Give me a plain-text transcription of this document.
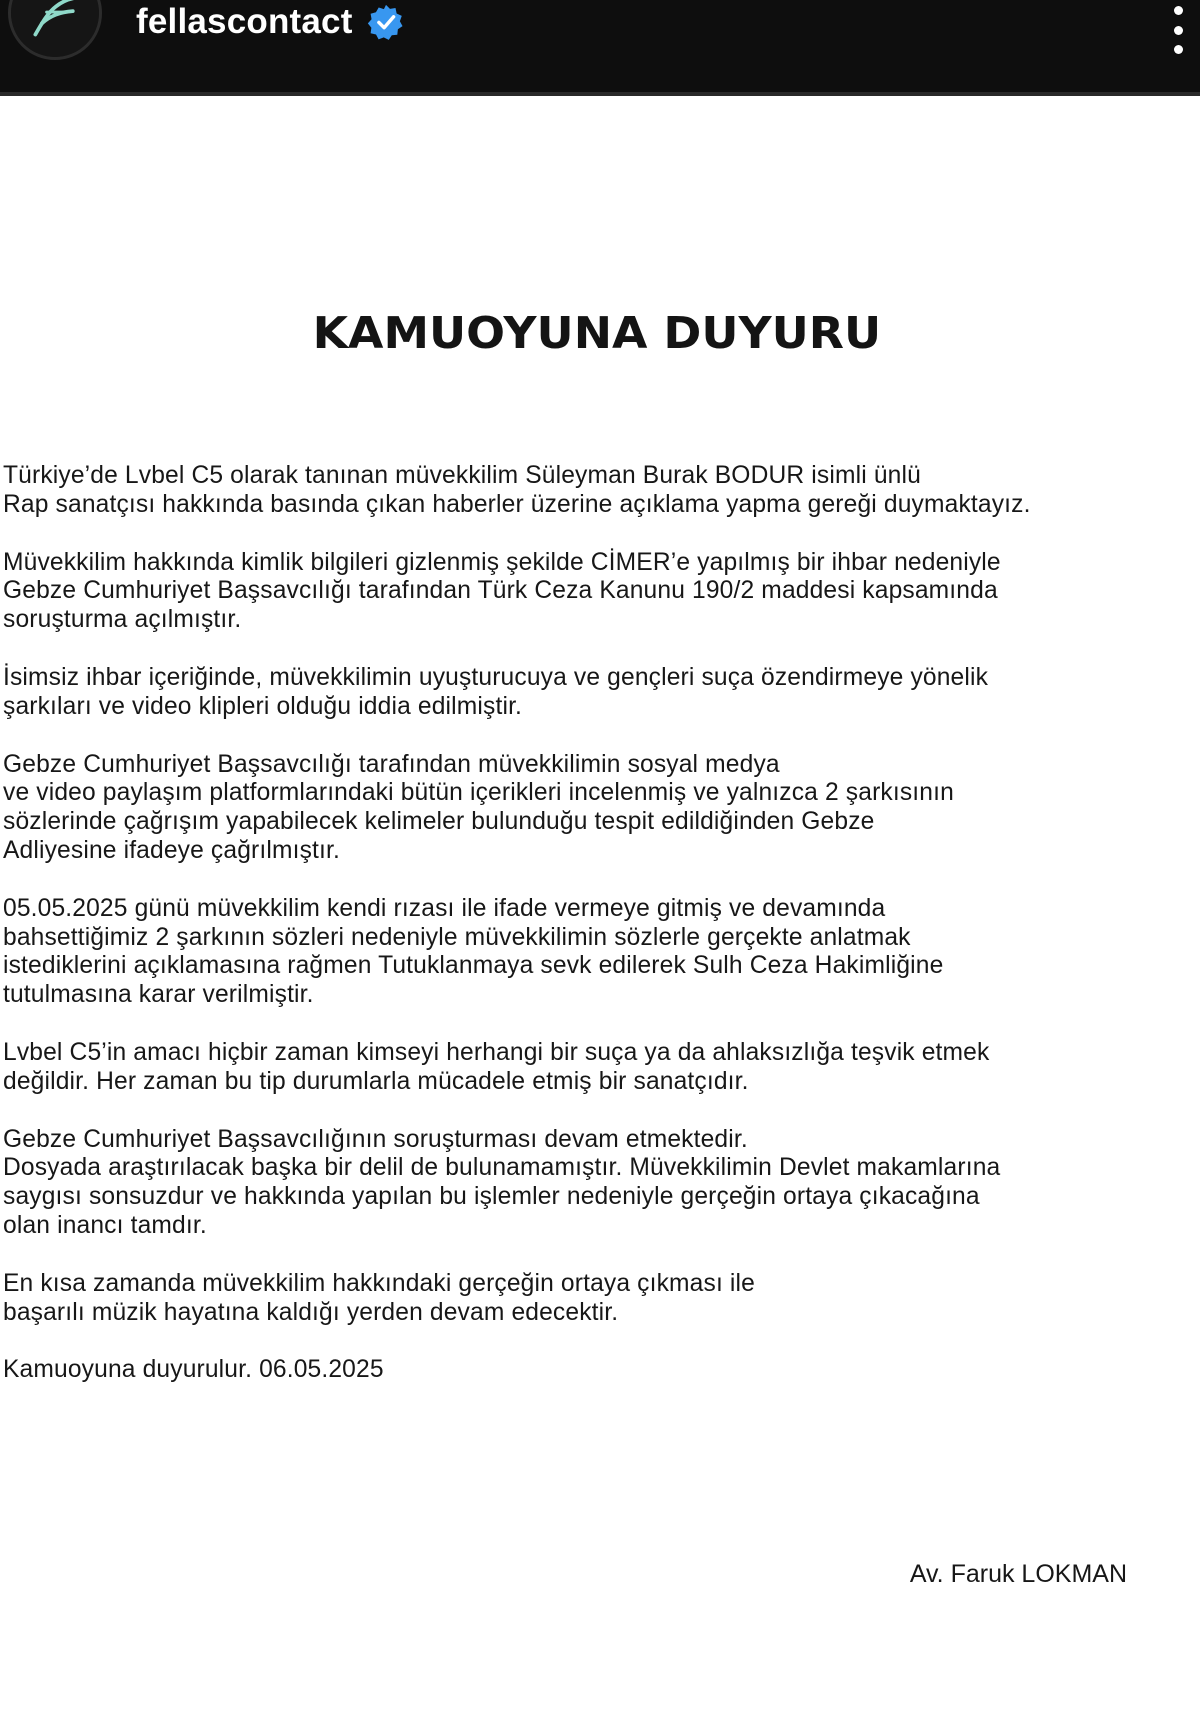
fellascontact
KAMUOYUNA DUYURU

Türkiye’de Lvbel C5 olarak tanınan müvekkilim Süleyman Burak BODUR isimli ünlü
Rap sanatçısı hakkında basında çıkan haberler üzerine açıklama yapma gereği duymaktayız.

Müvekkilim hakkında kimlik bilgileri gizlenmiş şekilde CİMER’e yapılmış bir ihbar nedeniyle
Gebze Cumhuriyet Başsavcılığı tarafından Türk Ceza Kanunu 190/2 maddesi kapsamında
soruşturma açılmıştır.

İsimsiz ihbar içeriğinde, müvekkilimin uyuşturucuya ve gençleri suça özendirmeye yönelik
şarkıları ve video klipleri olduğu iddia edilmiştir.

Gebze Cumhuriyet Başsavcılığı tarafından müvekkilimin sosyal medya
ve video paylaşım platformlarındaki bütün içerikleri incelenmiş ve yalnızca 2 şarkısının
sözlerinde çağrışım yapabilecek kelimeler bulunduğu tespit edildiğinden Gebze
Adliyesine ifadeye çağrılmıştır.

05.05.2025 günü müvekkilim kendi rızası ile ifade vermeye gitmiş ve devamında
bahsettiğimiz 2 şarkının sözleri nedeniyle müvekkilimin sözlerle gerçekte anlatmak
istediklerini açıklamasına rağmen Tutuklanmaya sevk edilerek Sulh Ceza Hakimliğine
tutulmasına karar verilmiştir.

Lvbel C5’in amacı hiçbir zaman kimseyi herhangi bir suça ya da ahlaksızlığa teşvik etmek
değildir. Her zaman bu tip durumlarla mücadele etmiş bir sanatçıdır.

Gebze Cumhuriyet Başsavcılığının soruşturması devam etmektedir.
Dosyada araştırılacak başka bir delil de bulunamamıştır. Müvekkilimin Devlet makamlarına
saygısı sonsuzdur ve hakkında yapılan bu işlemler nedeniyle gerçeğin ortaya çıkacağına
olan inancı tamdır.

En kısa zamanda müvekkilim hakkındaki gerçeğin ortaya çıkması ile
başarılı müzik hayatına kaldığı yerden devam edecektir.

Kamuoyuna duyurulur. 06.05.2025

Av. Faruk LOKMAN
